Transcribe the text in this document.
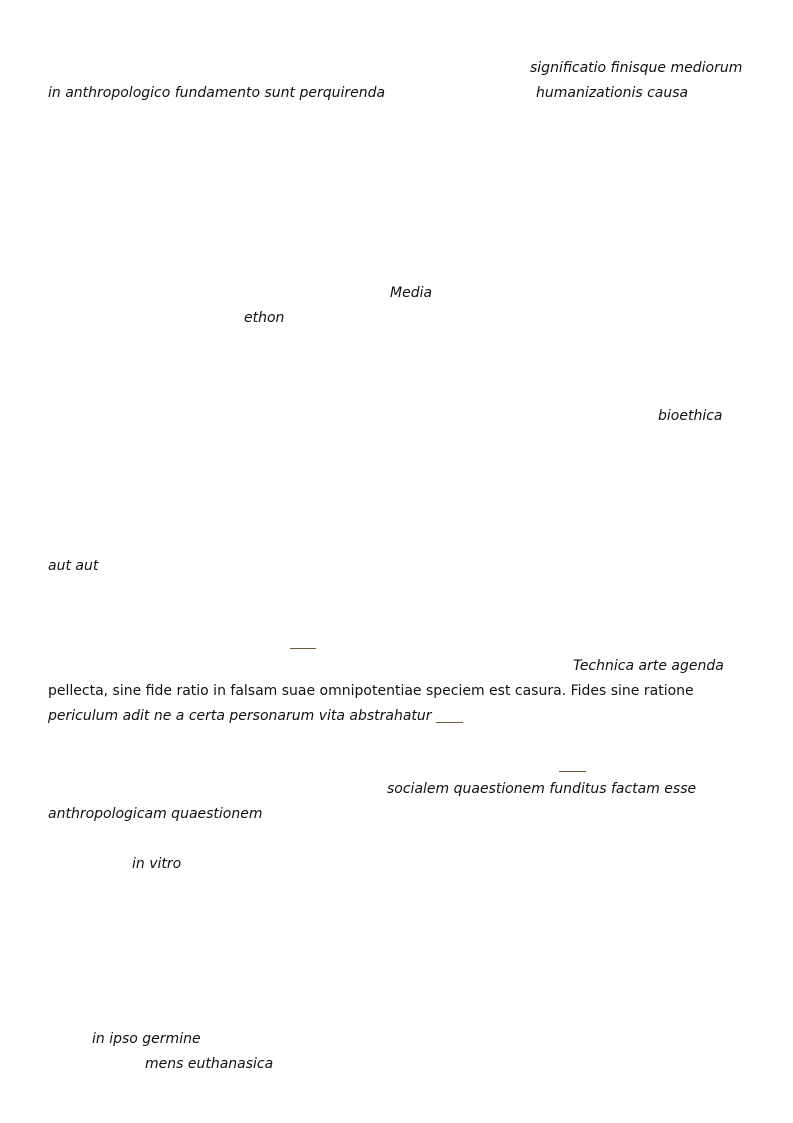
significatio finisque mediorum
in anthropologico fundamento sunt perquirenda	humanizationis causa
Media
ethon
bioethica
aut aut
Technica arte agenda
pellecta, sine fide ratio in falsam suae omnipotentiae speciem est casura. Fides sine ratione
periculum adit ne a certa personarum vita abstrahatur
socialem quaestionem funditus factam esse
anthropologicam quaestionem
in vitro
in ipso germine
mens euthanasica
